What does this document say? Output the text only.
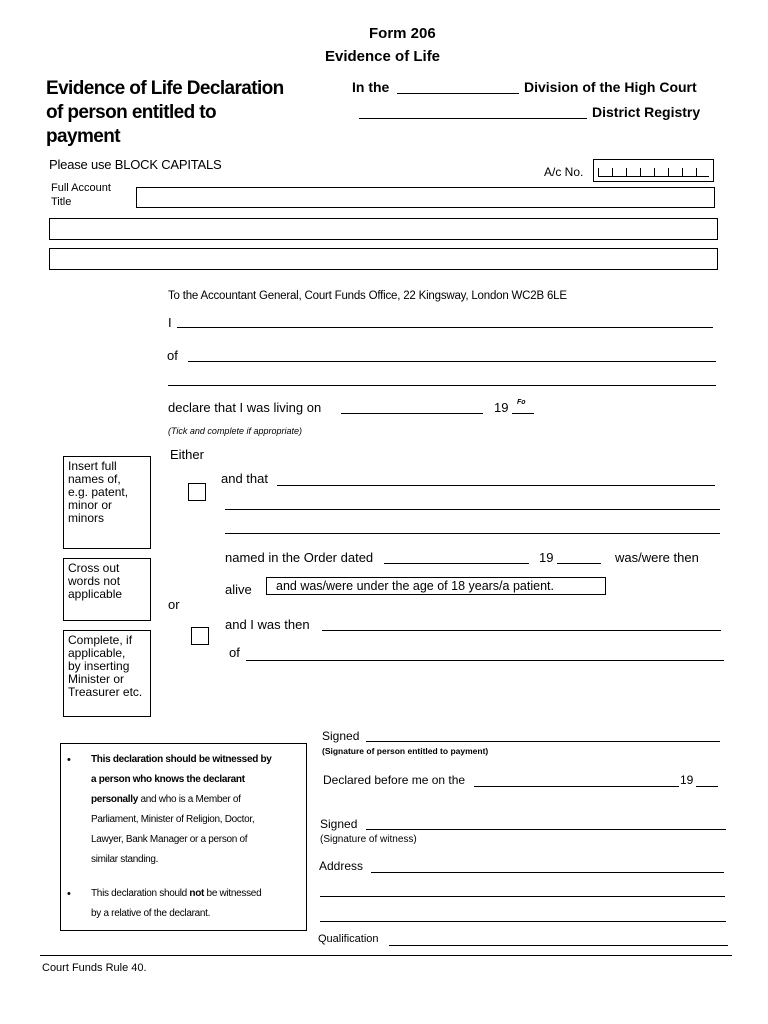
Form 206
Evidence of Life
Evidence of Life Declaration
of person entitled to
payment
In the	Division of the High Court
District Registry
Please use BLOCK CAPITALS	A/c No.
Full Account
Title
To the Accountant General, Court Funds Office, 22 Kingsway, London WC2B 6LE
I
of
declare that I was living on	19 Fo
(Tick and complete if appropriate)
Either
and that
named in the Order dated	19	was/were then
alive and was/were under the age of 18 years/a patient.
or
and I was then
of
Insert full
names of,
e.g. patent,
minor or
minors
Cross out
words not
applicable
Complete, if
applicable,
by inserting
Minister or
Treasurer etc.
• This declaration should be witnessed by
a person who knows the declarant
personally and who is a Member of
Parliament, Minister of Religion, Doctor,
Lawyer, Bank Manager or a person of
similar standing.
• This declaration should not be witnessed
by a relative of the declarant.
Signed
(Signature of person entitled to payment)
Declared before me on the	19
Signed
(Signature of witness)
Address
Qualification
Court Funds Rule 40.
